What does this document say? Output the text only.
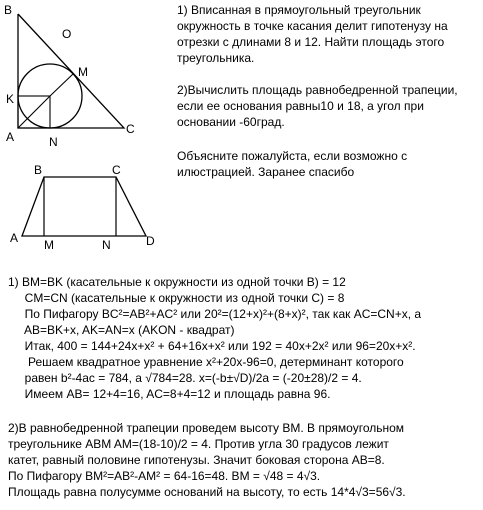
B
O
M
K
A	N
C
B	C
A M	N	D
1) Вписанная в прямоугольный треугольник
окружность в точке касания делит гипотенузу на
отрезки с длинами 8 и 12. Найти площадь этого
треугольника.
2)Вычислить площадь равнобедренной трапеции,
если ее основания равны10 и 18, а угол при
основании -60град.
Объясните пожалуйста, если возможно с
илюстрацией. Заранее спасибо
1) BM=BK (касательные к окружности из одной точки B) = 12
CM=CN (касательные к окружности из одной точки C) = 8
По Пифагору BC²=AB²+AC² или 20²=(12+x)²+(8+x)², так как AC=CN+x, а
AB=BK+x, AK=AN=x (AKON - квадрат)
Итак, 400 = 144+24x+x² + 64+16x+x² или 192 = 40x+2x² или 96=20x+x².
Решаем квадратное уравнение x²+20x-96=0, детерминант которого
равен b²-4ac = 784, а √784=28. x=(-b±√D)/2a = (-20±28)/2 = 4.
Имеем AB= 12+4=16, AC=8+4=12 и площадь равна 96.
2)В равнобедренной трапеции проведем высоту BM. В прямоугольном
треугольнике ABM AM=(18-10)/2 = 4. Против угла 30 градусов лежит
катет, равный половине гипотенузы. Значит боковая сторона AB=8.
По Пифагору BM²=AB²-AM² = 64-16=48. BM = √48 = 4√3.
Площадь равна полусумме оснований на высоту, то есть 14*4√3=56√3.
